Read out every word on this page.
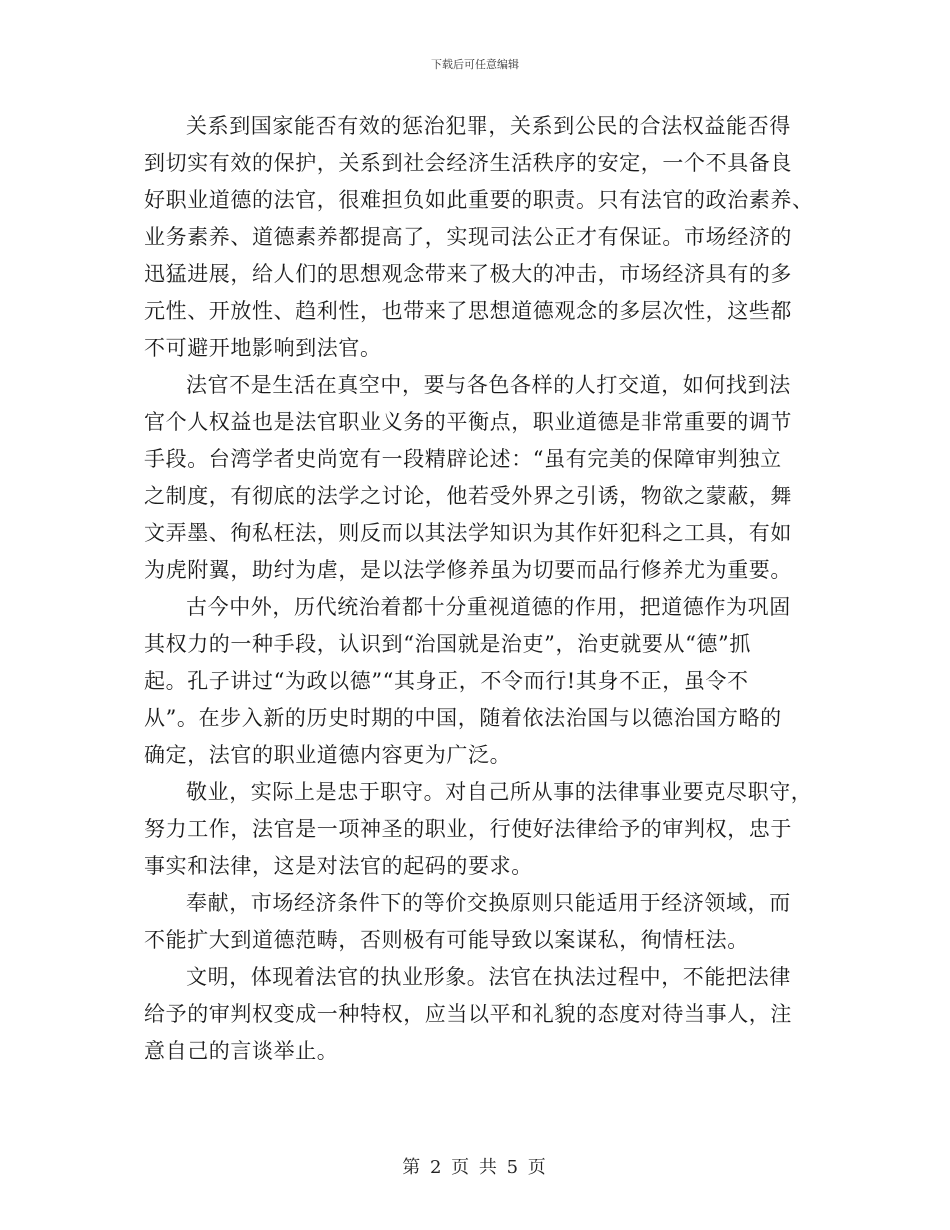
下载后可任意编辑
关系到国家能否有效的惩治犯罪，关系到公民的合法权益能否得
到切实有效的保护，关系到社会经济生活秩序的安定，一个不具备良
好职业道德的法官，很难担负如此重要的职责。只有法官的政治素养、
业务素养、道德素养都提高了，实现司法公正才有保证。市场经济的
迅猛进展，给人们的思想观念带来了极大的冲击，市场经济具有的多
元性、开放性、趋利性，也带来了思想道德观念的多层次性，这些都
不可避开地影响到法官。
法官不是生活在真空中，要与各色各样的人打交道，如何找到法
官个人权益也是法官职业义务的平衡点，职业道德是非常重要的调节
手段。台湾学者史尚宽有一段精辟论述：“虽有完美的保障审判独立
之制度，有彻底的法学之讨论，他若受外界之引诱，物欲之蒙蔽，舞
文弄墨、徇私枉法，则反而以其法学知识为其作奸犯科之工具，有如
为虎附翼，助纣为虐，是以法学修养虽为切要而品行修养尤为重要。
古今中外，历代统治着都十分重视道德的作用，把道德作为巩固
其权力的一种手段，认识到“治国就是治吏”，治吏就要从“德”抓
起。孔子讲过“为政以德”“其身正，不令而行!其身不正，虽令不
从”。在步入新的历史时期的中国，随着依法治国与以德治国方略的
确定，法官的职业道德内容更为广泛。
敬业，实际上是忠于职守。对自己所从事的法律事业要克尽职守，
努力工作，法官是一项神圣的职业，行使好法律给予的审判权，忠于
事实和法律，这是对法官的起码的要求。
奉献，市场经济条件下的等价交换原则只能适用于经济领域，而
不能扩大到道德范畴，否则极有可能导致以案谋私，徇情枉法。
文明，体现着法官的执业形象。法官在执法过程中，不能把法律
给予的审判权变成一种特权，应当以平和礼貌的态度对待当事人，注
意自己的言谈举止。
第 2 页 共 5 页
